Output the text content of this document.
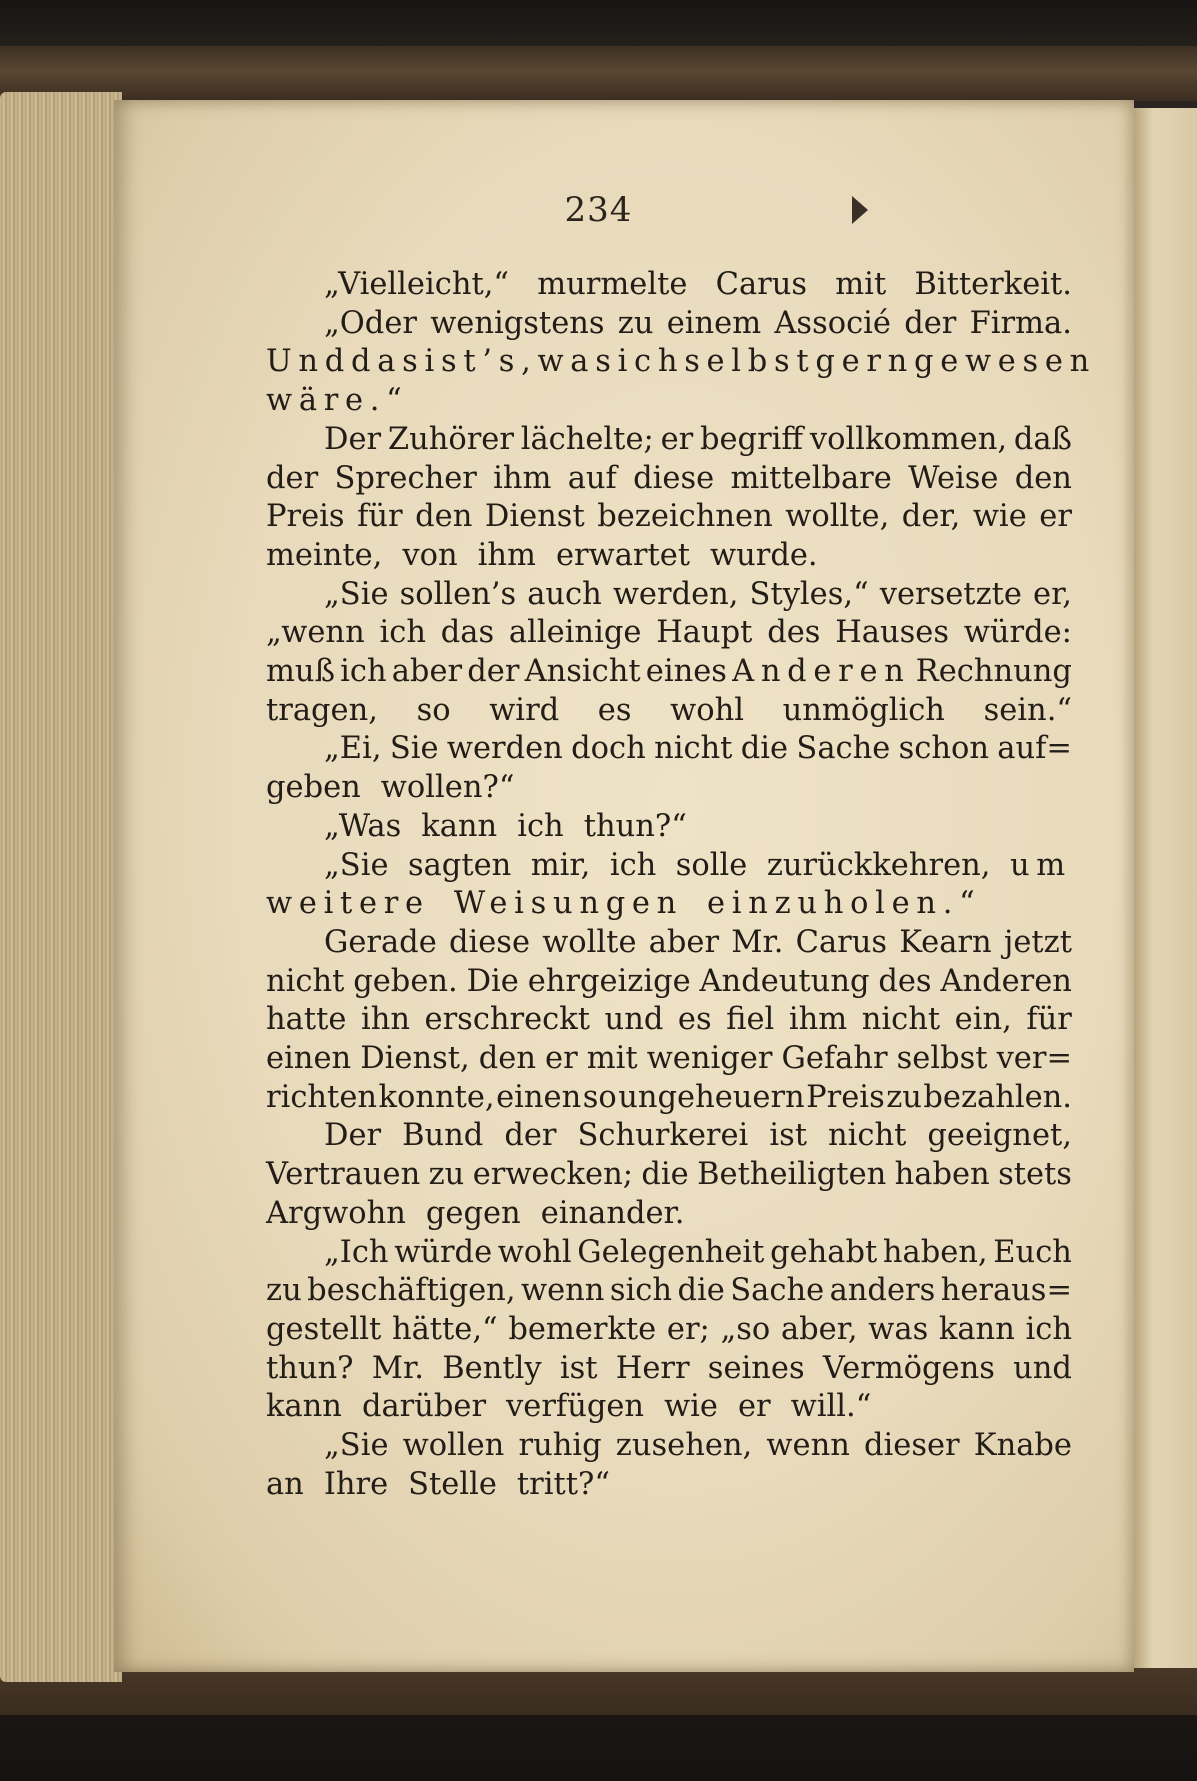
234
„Vielleicht,“ murmelte Carus mit Bitterkeit.
„Oder wenigstens zu einem Associé der Firma.
Und das ist’s, was ich selbst gern gewesen
wäre.“
Der Zuhörer lächelte; er begriff vollkommen, daß
der Sprecher ihm auf diese mittelbare Weise den
Preis für den Dienst bezeichnen wollte, der, wie er
meinte, von ihm erwartet wurde.
„Sie sollen’s auch werden, Styles,“ versetzte er,
„wenn ich das alleinige Haupt des Hauses würde:
muß ich aber der Ansicht eines Anderen Rechnung
tragen, so wird es wohl unmöglich sein.“
„Ei, Sie werden doch nicht die Sache schon auf=
geben wollen?“
„Was kann ich thun?“
„Sie sagten mir, ich solle zurückkehren, um
weitere Weisungen einzuholen.“
Gerade diese wollte aber Mr. Carus Kearn jetzt
nicht geben. Die ehrgeizige Andeutung des Anderen
hatte ihn erschreckt und es fiel ihm nicht ein, für
einen Dienst, den er mit weniger Gefahr selbst ver=
richten konnte, einen so ungeheuern Preis zu bezahlen.
Der Bund der Schurkerei ist nicht geeignet,
Vertrauen zu erwecken; die Betheiligten haben stets
Argwohn gegen einander.
„Ich würde wohl Gelegenheit gehabt haben, Euch
zu beschäftigen, wenn sich die Sache anders heraus=
gestellt hätte,“ bemerkte er; „so aber, was kann ich
thun? Mr. Bently ist Herr seines Vermögens und
kann darüber verfügen wie er will.“
„Sie wollen ruhig zusehen, wenn dieser Knabe
an Ihre Stelle tritt?“
